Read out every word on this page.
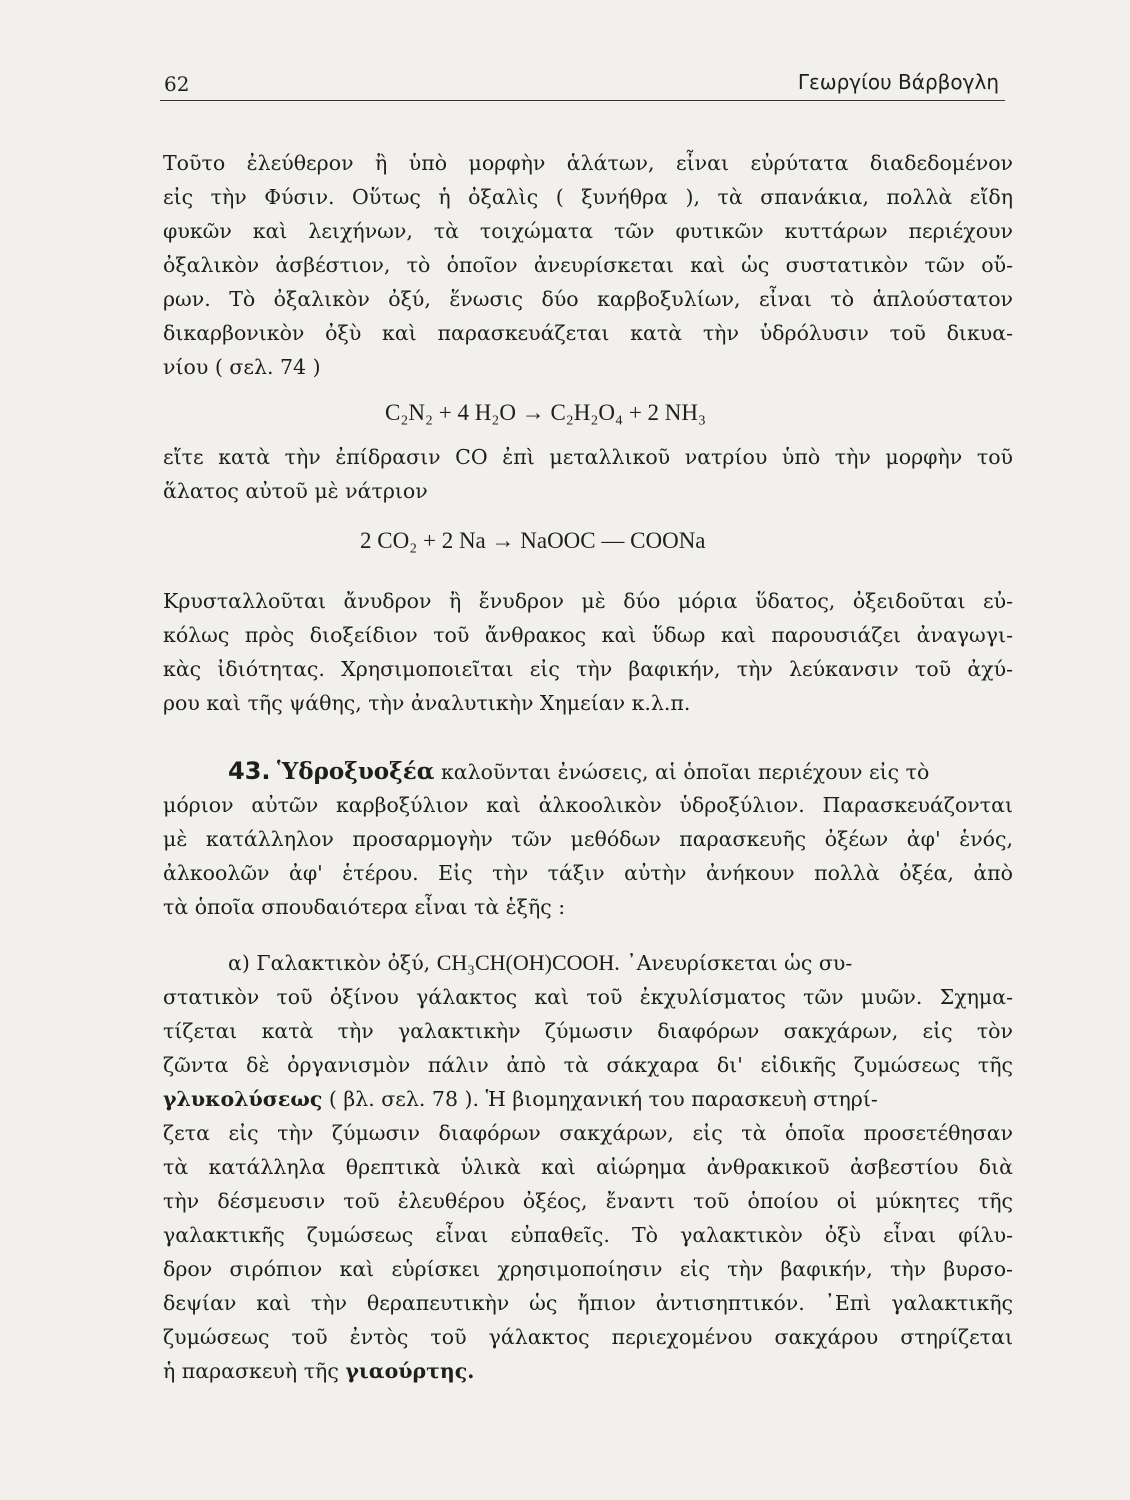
62	Γεωργίου Βάρβογλη
Τοῦτο ἐλεύθερον ἢ ὑπὸ μορφὴν ἁλάτων, εἶναι εὐρύτατα διαδεδομένον
εἰς τὴν Φύσιν. Οὕτως ἡ ὀξαλὶς ( ξυνήθρα ), τὰ σπανάκια, πολλὰ εἴδη
φυκῶν καὶ λειχήνων, τὰ τοιχώματα τῶν φυτικῶν κυττάρων περιέχουν
ὀξαλικὸν ἀσβέστιον, τὸ ὁποῖον ἀνευρίσκεται καὶ ὡς συστατικὸν τῶν οὔ-
ρων. Τὸ ὀξαλικὸν ὀξύ, ἕνωσις δύο καρβοξυλίων, εἶναι τὸ ἁπλούστατον
δικαρβονικὸν ὀξὺ καὶ παρασκευάζεται κατὰ τὴν ὑδρόλυσιν τοῦ δικυα-
νίου ( σελ. 74 )
C₂N₂ + 4 H₂O → C₂H₂O₄ + 2 NH₃
εἴτε κατὰ τὴν ἐπίδρασιν CO ἐπὶ μεταλλικοῦ νατρίου ὑπὸ τὴν μορφὴν τοῦ
ἅλατος αὐτοῦ μὲ νάτριον
2 CO₂ + 2 Na → NaOOC — COONa
Κρυσταλλοῦται ἄνυδρον ἢ ἔνυδρον μὲ δύο μόρια ὕδατος, ὀξειδοῦται εὐ-
κόλως πρὸς διοξείδιον τοῦ ἄνθρακος καὶ ὕδωρ καὶ παρουσιάζει ἀναγωγι-
κὰς ἰδιότητας. Χρησιμοποιεῖται εἰς τὴν βαφικήν, τὴν λεύκανσιν τοῦ ἀχύ-
ρου καὶ τῆς ψάθης, τὴν ἀναλυτικὴν Χημείαν κ.λ.π.
43. Ὑδροξυοξέα καλοῦνται ἐνώσεις, αἱ ὁποῖαι περιέχουν εἰς τὸ
μόριον αὐτῶν καρβοξύλιον καὶ ἀλκοολικὸν ὑδροξύλιον. Παρασκευάζονται
μὲ κατάλληλον προσαρμογὴν τῶν μεθόδων παρασκευῆς ὀξέων ἀφ' ἑνός,
ἀλκοολῶν ἀφ' ἑτέρου. Εἰς τὴν τάξιν αὐτὴν ἀνήκουν πολλὰ ὀξέα, ἀπὸ
τὰ ὁποῖα σπουδαιότερα εἶναι τὰ ἑξῆς :
α) Γαλακτικὸν ὀξύ, CH₃CH(OH)COOH. ᾿Ανευρίσκεται ὡς συ-
στατικὸν τοῦ ὀξίνου γάλακτος καὶ τοῦ ἐκχυλίσματος τῶν μυῶν. Σχημα-
τίζεται κατὰ τὴν γαλακτικὴν ζύμωσιν διαφόρων σακχάρων, εἰς τὸν
ζῶντα δὲ ὀργανισμὸν πάλιν ἀπὸ τὰ σάκχαρα δι' εἰδικῆς ζυμώσεως τῆς
γλυκολύσεως ( βλ. σελ. 78 ). Ἡ βιομηχανική του παρασκευὴ στηρί-
ζετα εἰς τὴν ζύμωσιν διαφόρων σακχάρων, εἰς τὰ ὁποῖα προσετέθησαν
τὰ κατάλληλα θρεπτικὰ ὑλικὰ καὶ αἰώρημα ἀνθρακικοῦ ἀσβεστίου διὰ
τὴν δέσμευσιν τοῦ ἐλευθέρου ὀξέος, ἔναντι τοῦ ὁποίου οἱ μύκητες τῆς
γαλακτικῆς ζυμώσεως εἶναι εὐπαθεῖς. Τὸ γαλακτικὸν ὀξὺ εἶναι φίλυ-
δρον σιρόπιον καὶ εὑρίσκει χρησιμοποίησιν εἰς τὴν βαφικήν, τὴν βυρσο-
δεψίαν καὶ τὴν θεραπευτικὴν ὡς ἤπιον ἀντισηπτικόν. ᾿Επὶ γαλακτικῆς
ζυμώσεως τοῦ ἐντὸς τοῦ γάλακτος περιεχομένου σακχάρου στηρίζεται
ἡ παρασκευὴ τῆς γιαούρτης.
